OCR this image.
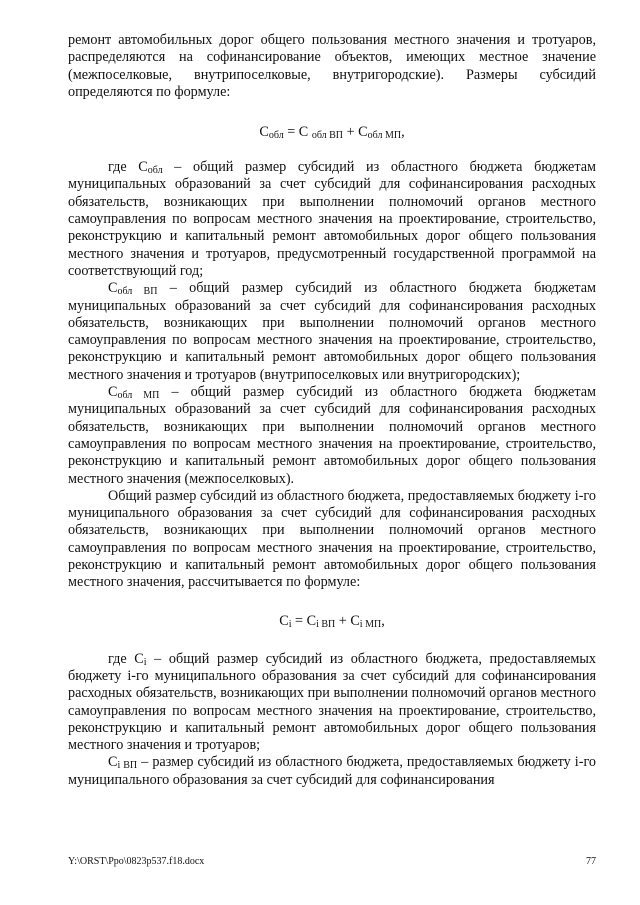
ремонт автомобильных дорог общего пользования местного значения и тротуаров, распределяются на софинансирование объектов, имеющих местное значение (межпоселковые, внутрипоселковые, внутригородские). Размеры субсидий определяются по формуле:

$С_{обл} = С$ $_{обл ВП} + С_{обл МП}$,

где $С_{обл}$ – общий размер субсидий из областного бюджета бюджетам муниципальных образований за счет субсидий для софинансирования расходных обязательств, возникающих при выполнении полномочий органов местного самоуправления по вопросам местного значения на проектирование, строительство, реконструкцию и капитальный ремонт автомобильных дорог общего пользования местного значения и тротуаров, предусмотренный государственной программой на соответствующий год;

$С_{обл ВП}$ – общий размер субсидий из областного бюджета бюджетам муниципальных образований за счет субсидий для софинансирования расходных обязательств, возникающих при выполнении полномочий органов местного самоуправления по вопросам местного значения на проектирование, строительство, реконструкцию и капитальный ремонт автомобильных дорог общего пользования местного значения и тротуаров (внутрипоселковых или внутригородских);

$С_{обл МП}$ – общий размер субсидий из областного бюджета бюджетам муниципальных образований за счет субсидий для софинансирования расходных обязательств, возникающих при выполнении полномочий органов местного самоуправления по вопросам местного значения на проектирование, строительство, реконструкцию и капитальный ремонт автомобильных дорог общего пользования местного значения (межпоселковых).

Общий размер субсидий из областного бюджета, предоставляемых бюджету i-го муниципального образования за счет субсидий для софинансирования расходных обязательств, возникающих при выполнении полномочий органов местного самоуправления по вопросам местного значения на проектирование, строительство, реконструкцию и капитальный ремонт автомобильных дорог общего пользования местного значения, рассчитывается по формуле:

$С_i = С_{i ВП} + С_{i МП}$,

где $С_i$ – общий размер субсидий из областного бюджета, предоставляемых бюджету i-го муниципального образования за счет субсидий для софинансирования расходных обязательств, возникающих при выполнении полномочий органов местного самоуправления по вопросам местного значения на проектирование, строительство, реконструкцию и капитальный ремонт автомобильных дорог общего пользования местного значения и тротуаров;

$С_{i ВП}$ – размер субсидий из областного бюджета, предоставляемых бюджету i-го муниципального образования за счет субсидий для софинансирования

Y:\ORST\Ppo\0823p537.f18.docx	77
